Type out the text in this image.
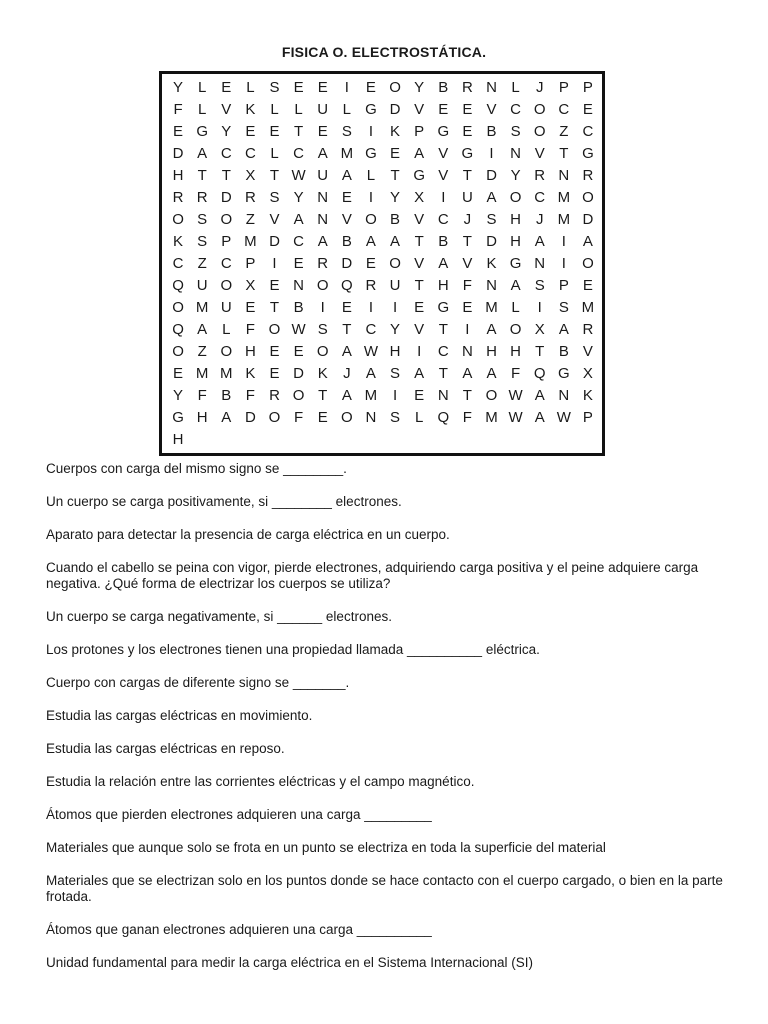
FISICA O. ELECTROSTÁTICA.
Y L E L S E E	I	E O Y B R N L	J	P P
F	L V K L	L U L G D V E E V C O C E
E G Y E E T E S	I	K P G E B S O Z C
D A C C L C A M G E A V G	I	N V T G
H T T X T W U A L	T G V T D Y R N R
R R D R S Y N E	I	Y X	I	U A O C M O
O S O Z V A N V O B V C J	S H J M D
K S P M D C A B A A T B T D H A	I	A
C Z C P	I	E R D E O V A V K G N	I	O
Q U O X E N O Q R U T H F N A S P E
O M U E T B	I	E	I	I	E G E M L	I	S M
Q A L	F O W S T C Y V T	I	A O X A R
O Z O H E E O A W H	I	C N H H T B V
E M M K E D K	J	A S A T A A F Q G X
Y F B F R O T A M	I	E N T O W A N K
G H A D O F E O N S L Q F M W A W P
H
Cuerpos con carga del mismo signo se ________.
Un cuerpo se carga positivamente, si ________ electrones.
Aparato para detectar la presencia de carga eléctrica en un cuerpo.
Cuando el cabello se peina con vigor, pierde electrones, adquiriendo carga positiva y el peine adquiere carga negativa. ¿Qué forma de electrizar los cuerpos se utiliza?
Un cuerpo se carga negativamente, si ______ electrones.
Los protones y los electrones tienen una propiedad llamada __________ eléctrica.
Cuerpo con cargas de diferente signo se _______.
Estudia las cargas eléctricas en movimiento.
Estudia las cargas eléctricas en reposo.
Estudia la relación entre las corrientes eléctricas y el campo magnético.
Átomos que pierden electrones adquieren una carga _________
Materiales que aunque solo se frota en un punto se electriza en toda la superficie del material
Materiales que se electrizan solo en los puntos donde se hace contacto con el cuerpo cargado, o bien en la parte frotada.
Átomos que ganan electrones adquieren una carga __________
Unidad fundamental para medir la carga eléctrica en el Sistema Internacional (SI)
